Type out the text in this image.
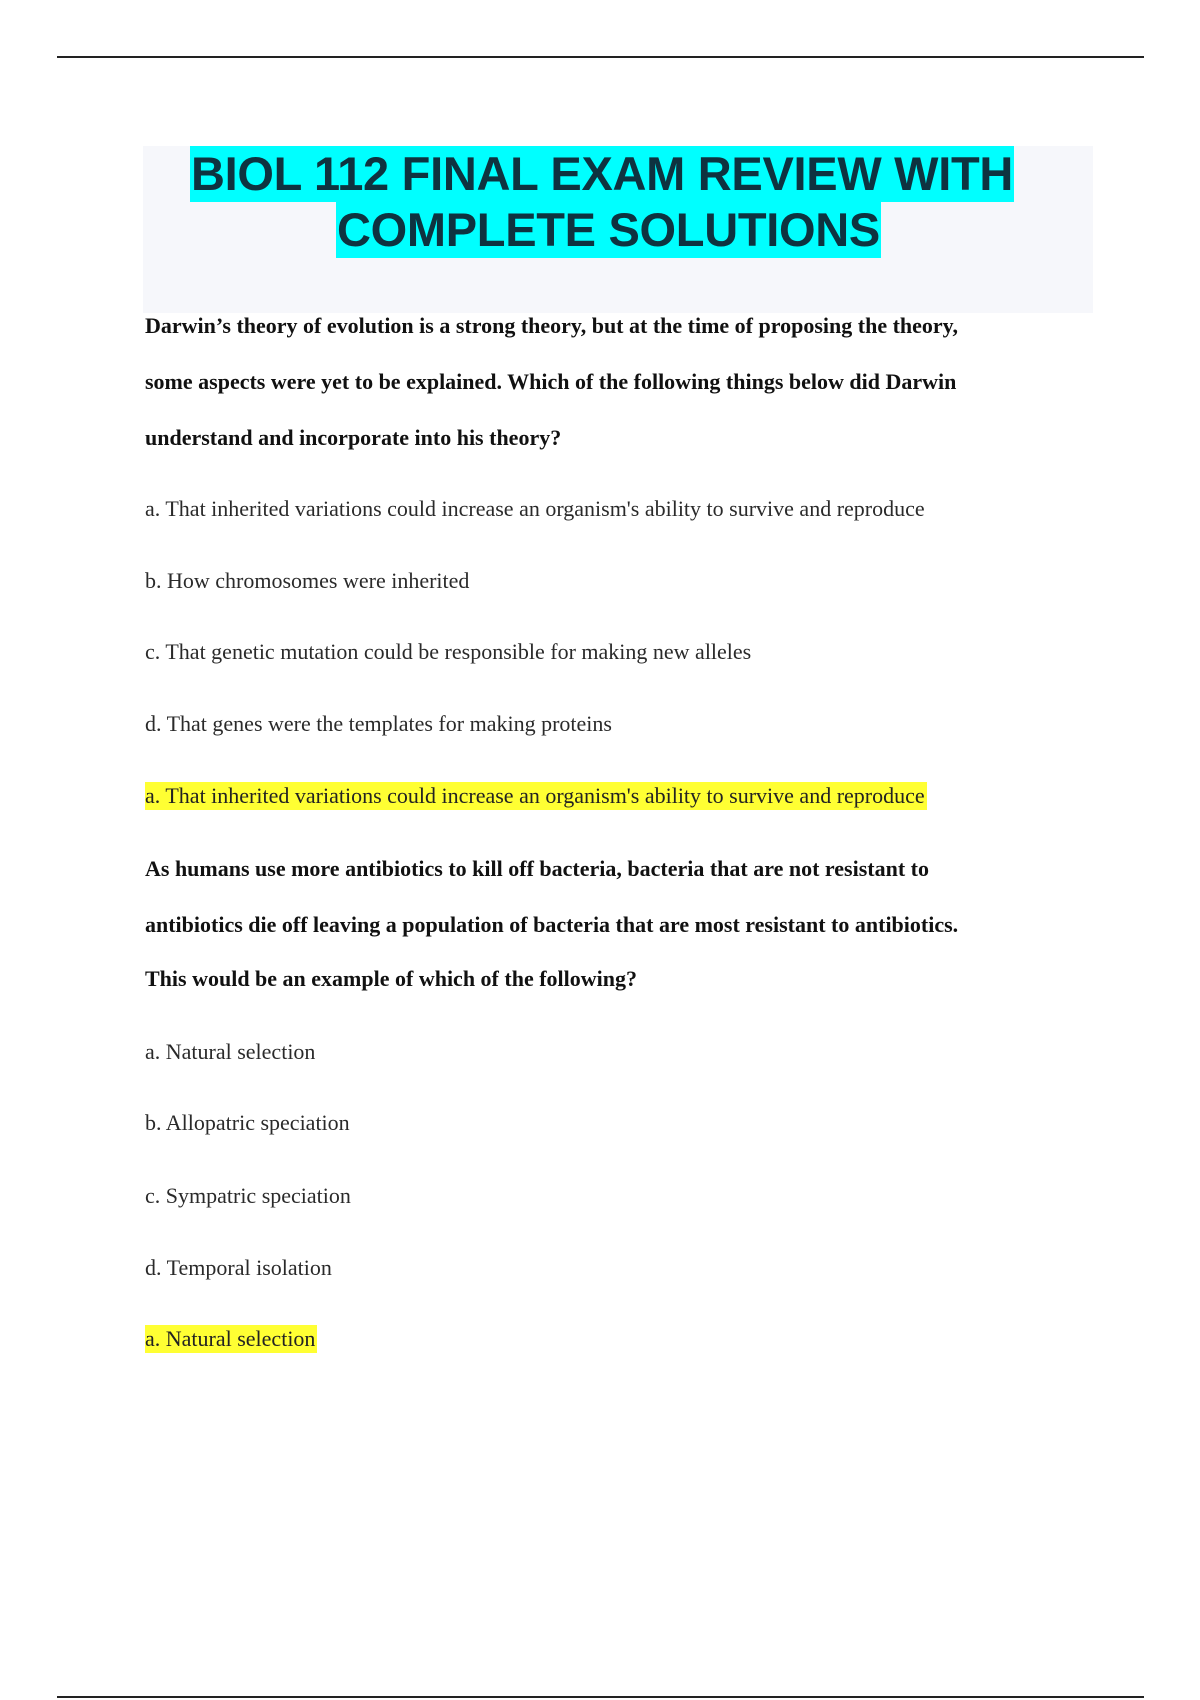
BIOL 112 FINAL EXAM REVIEW WITH
COMPLETE SOLUTIONS
Darwin’s theory of evolution is a strong theory, but at the time of proposing the theory,
some aspects were yet to be explained. Which of the following things below did Darwin
understand and incorporate into his theory?
a. That inherited variations could increase an organism's ability to survive and reproduce
b. How chromosomes were inherited
c. That genetic mutation could be responsible for making new alleles
d. That genes were the templates for making proteins
a. That inherited variations could increase an organism's ability to survive and reproduce
As humans use more antibiotics to kill off bacteria, bacteria that are not resistant to
antibiotics die off leaving a population of bacteria that are most resistant to antibiotics.
This would be an example of which of the following?
a. Natural selection
b. Allopatric speciation
c. Sympatric speciation
d. Temporal isolation
a. Natural selection
